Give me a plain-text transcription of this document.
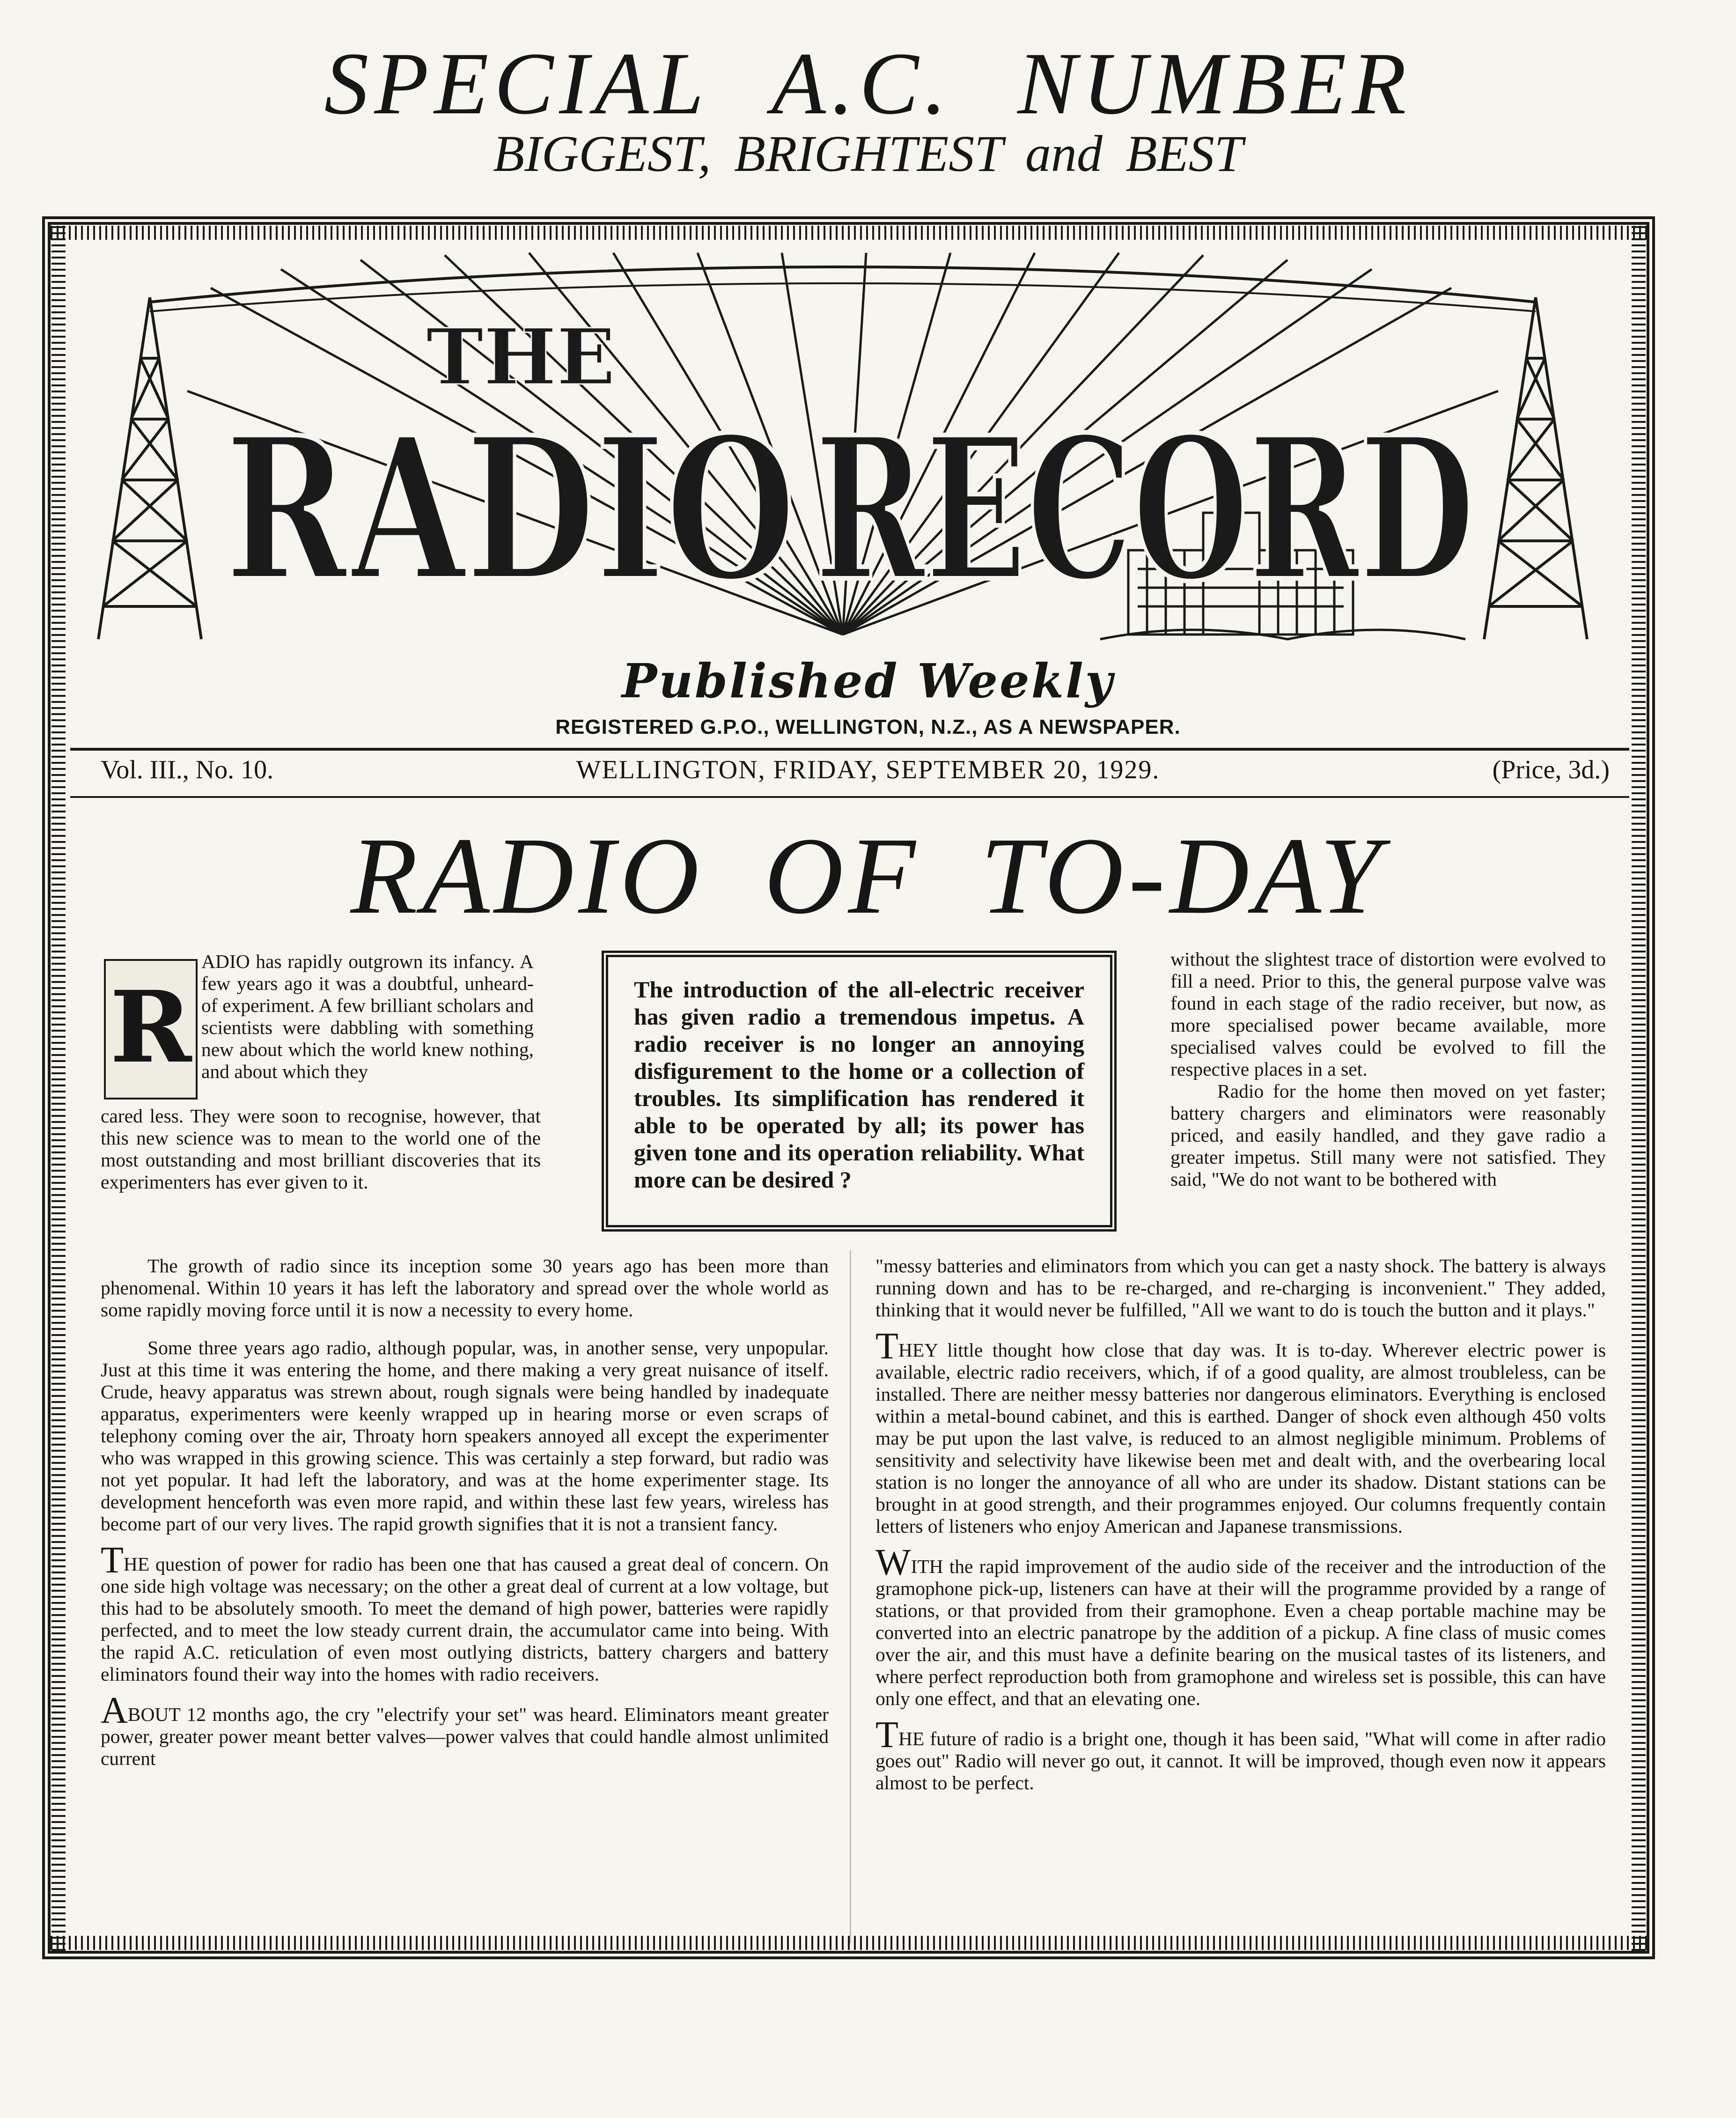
SPECIAL A.C. NUMBER
BIGGEST, BRIGHTEST and BEST
THE
RADIO RECORD
Published Weekly
REGISTERED G.P.O., WELLINGTON, N.Z., AS A NEWSPAPER.
Vol. III., No. 10.	WELLINGTON, FRIDAY, SEPTEMBER 20, 1929.	(Price, 3d.)
RADIO OF TO-DAY
R

ADIO has rapidly outgrown its infancy. A few years ago it was a doubtful, unheard-of experiment. A few brilliant scholars and scientists were dabbling with something new about which the world knew nothing, and about which they

cared less. They were soon to recognise, however, that this new science was to mean to the world one of the most outstanding and most brilliant discoveries that its experimenters has ever given to it.

The introduction of the all-electric receiver has given radio a tremendous impetus. A radio receiver is no longer an annoying disfigurement to the home or a collection of troubles. Its simplification has rendered it able to be operated by all; its power has given tone and its operation reliability. What more can be desired ?

The growth of radio since its inception some 30 years ago has been more than phenomenal. Within 10 years it has left the laboratory and spread over the whole world as some rapidly moving force until it is now a necessity to every home.

Some three years ago radio, although popular, was, in another sense, very unpopular. Just at this time it was entering the home, and there making a very great nuisance of itself. Crude, heavy apparatus was strewn about, rough signals were being handled by inadequate apparatus, experimenters were keenly wrapped up in hearing morse or even scraps of telephony coming over the air, Throaty horn speakers annoyed all except the experimenter who was wrapped in this growing science. This was certainly a step forward, but radio was not yet popular. It had left the laboratory, and was at the home experimenter stage. Its development henceforth was even more rapid, and within these last few years, wireless has become part of our very lives. The rapid growth signifies that it is not a transient fancy.

THE question of power for radio has been one that has caused a great deal of concern. On one side high voltage was necessary; on the other a great deal of current at a low voltage, but this had to be absolutely smooth. To meet the demand of high power, batteries were rapidly perfected, and to meet the low steady current drain, the accumulator came into being. With the rapid A.C. reticulation of even most outlying districts, battery chargers and battery eliminators found their way into the homes with radio receivers.

ABOUT 12 months ago, the cry "electrify your set" was heard. Eliminators meant greater power, greater power meant better valves—power valves that could handle almost unlimited current

without the slightest trace of distortion were evolved to fill a need. Prior to this, the general purpose valve was found in each stage of the radio receiver, but now, as more specialised power became available, more specialised valves could be evolved to fill the respective places in a set.

Radio for the home then moved on yet faster; battery chargers and eliminators were reasonably priced, and easily handled, and they gave radio a greater impetus. Still many were not satisfied. They said, "We do not want to be bothered with

"messy batteries and eliminators from which you can get a nasty shock. The battery is always running down and has to be re-charged, and re-charging is inconvenient." They added, thinking that it would never be fulfilled, "All we want to do is touch the button and it plays."

THEY little thought how close that day was. It is to-day. Wherever electric power is available, electric radio receivers, which, if of a good quality, are almost troubleless, can be installed. There are neither messy batteries nor dangerous eliminators. Everything is enclosed within a metal-bound cabinet, and this is earthed. Danger of shock even although 450 volts may be put upon the last valve, is reduced to an almost negligible minimum. Problems of sensitivity and selectivity have likewise been met and dealt with, and the overbearing local station is no longer the annoyance of all who are under its shadow. Distant stations can be brought in at good strength, and their programmes enjoyed. Our columns frequently contain letters of listeners who enjoy American and Japanese transmissions.

WITH the rapid improvement of the audio side of the receiver and the introduction of the gramophone pick-up, listeners can have at their will the programme provided by a range of stations, or that provided from their gramophone. Even a cheap portable machine may be converted into an electric panatrope by the addition of a pickup. A fine class of music comes over the air, and this must have a definite bearing on the musical tastes of its listeners, and where perfect reproduction both from gramophone and wireless set is possible, this can have only one effect, and that an elevating one.

THE future of radio is a bright one, though it has been said, "What will come in after radio goes out" Radio will never go out, it cannot. It will be improved, though even now it appears almost to be perfect.
